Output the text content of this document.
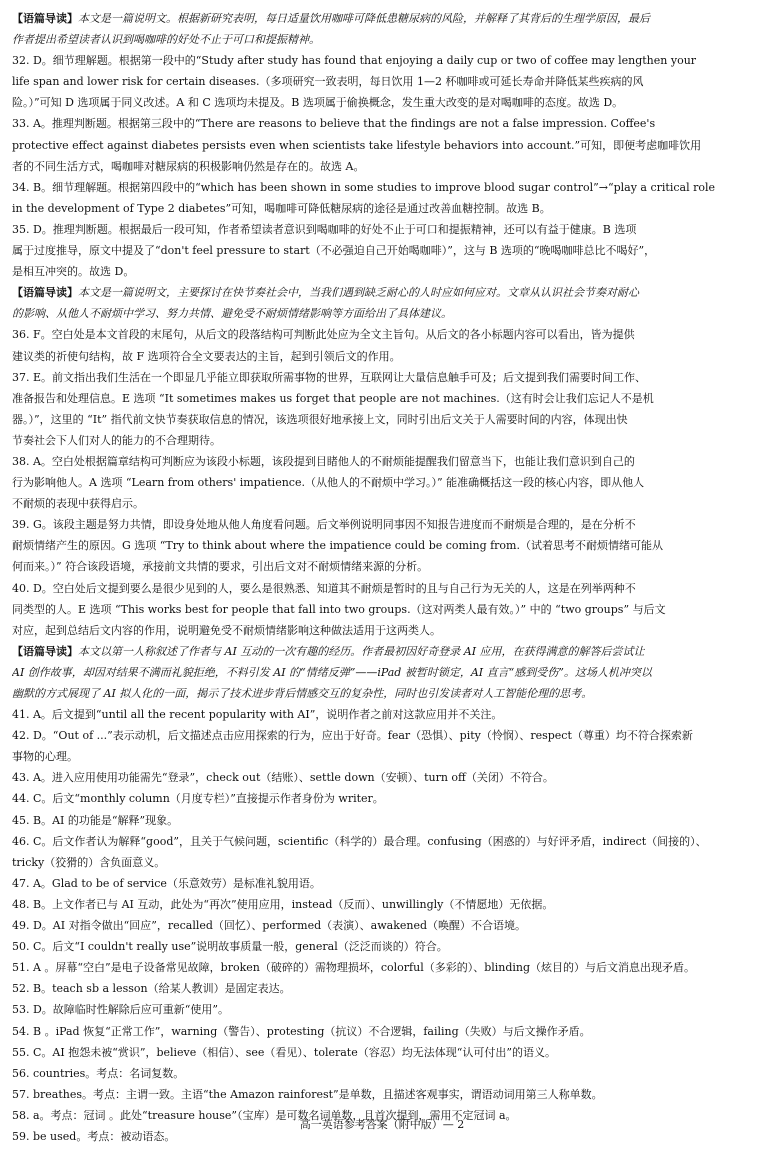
【语篇导读】本文是一篇说明文。根据新研究表明，每日适量饮用咖啡可降低患糖尿病的风险，并解释了其背后的生理学原因，最后
作者提出希望读者认识到喝咖啡的好处不止于可口和提振精神。
32. D。细节理解题。根据第一段中的“Study after study has found that enjoying a daily cup or two of coffee may lengthen your
life span and lower risk for certain diseases.（多项研究一致表明，每日饮用 1—2 杯咖啡或可延长寿命并降低某些疾病的风
险。）”可知 D 选项属于同义改述。A 和 C 选项均未提及。B 选项属于偷换概念，发生重大改变的是对喝咖啡的态度。故选 D。
33. A。推理判断题。根据第三段中的“There are reasons to believe that the findings are not a false impression. Coffee's
protective effect against diabetes persists even when scientists take lifestyle behaviors into account.”可知，即便考虑咖啡饮用
者的不同生活方式，喝咖啡对糖尿病的积极影响仍然是存在的。故选 A。
34. B。细节理解题。根据第四段中的“which has been shown in some studies to improve blood sugar control”→“play a critical role
in the development of Type 2 diabetes”可知，喝咖啡可降低糖尿病的途径是通过改善血糖控制。故选 B。
35. D。推理判断题。根据最后一段可知，作者希望读者意识到喝咖啡的好处不止于可口和提振精神，还可以有益于健康。B 选项
属于过度推导，原文中提及了“don't feel pressure to start（不必强迫自己开始喝咖啡）”，这与 B 选项的“晚喝咖啡总比不喝好”，
是相互冲突的。故选 D。
【语篇导读】本文是一篇说明文，主要探讨在快节奏社会中，当我们遇到缺乏耐心的人时应如何应对。文章从认识社会节奏对耐心
的影响、从他人不耐烦中学习、努力共情、避免受不耐烦情绪影响等方面给出了具体建议。
36. F。空白处是本文首段的末尾句，从后文的段落结构可判断此处应为全文主旨句。从后文的各小标题内容可以看出，皆为提供
建议类的祈使句结构，故 F 选项符合全文要表达的主旨，起到引领后文的作用。
37. E。前文指出我们生活在一个即显几乎能立即获取所需事物的世界，互联网让大量信息触手可及；后文提到我们需要时间工作、
准备报告和处理信息。E 选项 “It sometimes makes us forget that people are not machines.（这有时会让我们忘记人不是机
器。）”，这里的 “It” 指代前文快节奏获取信息的情况，该选项很好地承接上文，同时引出后文关于人需要时间的内容，体现出快
节奏社会下人们对人的能力的不合理期待。
38. A。空白处根据篇章结构可判断应为该段小标题，该段提到目睹他人的不耐烦能提醒我们留意当下，也能让我们意识到自己的
行为影响他人。A 选项 “Learn from others' impatience.（从他人的不耐烦中学习。）” 能准确概括这一段的核心内容，即从他人
不耐烦的表现中获得启示。
39. G。该段主题是努力共情，即设身处地从他人角度看问题。后文举例说明同事因不知报告进度而不耐烦是合理的，是在分析不
耐烦情绪产生的原因。G 选项 “Try to think about where the impatience could be coming from.（试着思考不耐烦情绪可能从
何而来。）” 符合该段语境，承接前文共情的要求，引出后文对不耐烦情绪来源的分析。
40. D。空白处后文提到要么是很少见到的人，要么是很熟悉、知道其不耐烦是暂时的且与自己行为无关的人，这是在列举两种不
同类型的人。E 选项 “This works best for people that fall into two groups.（这对两类人最有效。）” 中的 “two groups” 与后文
对应，起到总结后文内容的作用，说明避免受不耐烦情绪影响这种做法适用于这两类人。
【语篇导读】本文以第一人称叙述了作者与 AI 互动的一次有趣的经历。作者最初因好奇登录 AI 应用，在获得满意的解答后尝试让
AI 创作故事，却因对结果不满而礼貌拒绝，不料引发 AI 的“情绪反弹”——iPad 被暂时锁定，AI 直言“感到受伤”。这场人机冲突以
幽默的方式展现了 AI 拟人化的一面，揭示了技术进步背后情感交互的复杂性，同时也引发读者对人工智能伦理的思考。
41. A。后文提到“until all the recent popularity with AI”，说明作者之前对这款应用并不关注。
42. D。“Out of ...”表示动机，后文描述点击应用探索的行为，应出于好奇。fear（恐惧）、pity（怜悯）、respect（尊重）均不符合探索新
事物的心理。
43. A。进入应用使用功能需先“登录”，check out（结账）、settle down（安顿）、turn off（关闭）不符合。
44. C。后文“monthly column（月度专栏）”直接提示作者身份为 writer。
45. B。AI 的功能是“解释”现象。
46. C。后文作者认为解释“good”，且关于气候问题，scientific（科学的）最合理。confusing（困惑的）与好评矛盾，indirect（间接的）、
tricky（狡猾的）含负面意义。
47. A。Glad to be of service（乐意效劳）是标准礼貌用语。
48. B。上文作者已与 AI 互动，此处为“再次”使用应用，instead（反而）、unwillingly（不情愿地）无依据。
49. D。AI 对指令做出“回应”，recalled（回忆）、performed（表演）、awakened（唤醒）不合语境。
50. C。后文“I couldn't really use”说明故事质量一般，general（泛泛而谈的）符合。
51. A 。屏幕“空白”是电子设备常见故障，broken（破碎的）需物理损坏，colorful（多彩的）、blinding（炫目的）与后文消息出现矛盾。
52. B。teach sb a lesson（给某人教训）是固定表达。
53. D。故障临时性解除后应可重新“使用”。
54. B 。iPad 恢复“正常工作”，warning（警告）、protesting（抗议）不合逻辑，failing（失败）与后文操作矛盾。
55. C。AI 抱怨未被“赏识”，believe（相信）、see（看见）、tolerate（容忍）均无法体现“认可付出”的语义。
56. countries。考点：名词复数。
57. breathes。考点：主谓一致。主语“the Amazon rainforest”是单数，且描述客观事实，谓语动词用第三人称单数。
58. a。考点：冠词 。此处“treasure house”（宝库）是可数名词单数，且首次提到，需用不定冠词 a。
59. be used。考点：被动语态。
高一英语参考答案（附中版）— 2
